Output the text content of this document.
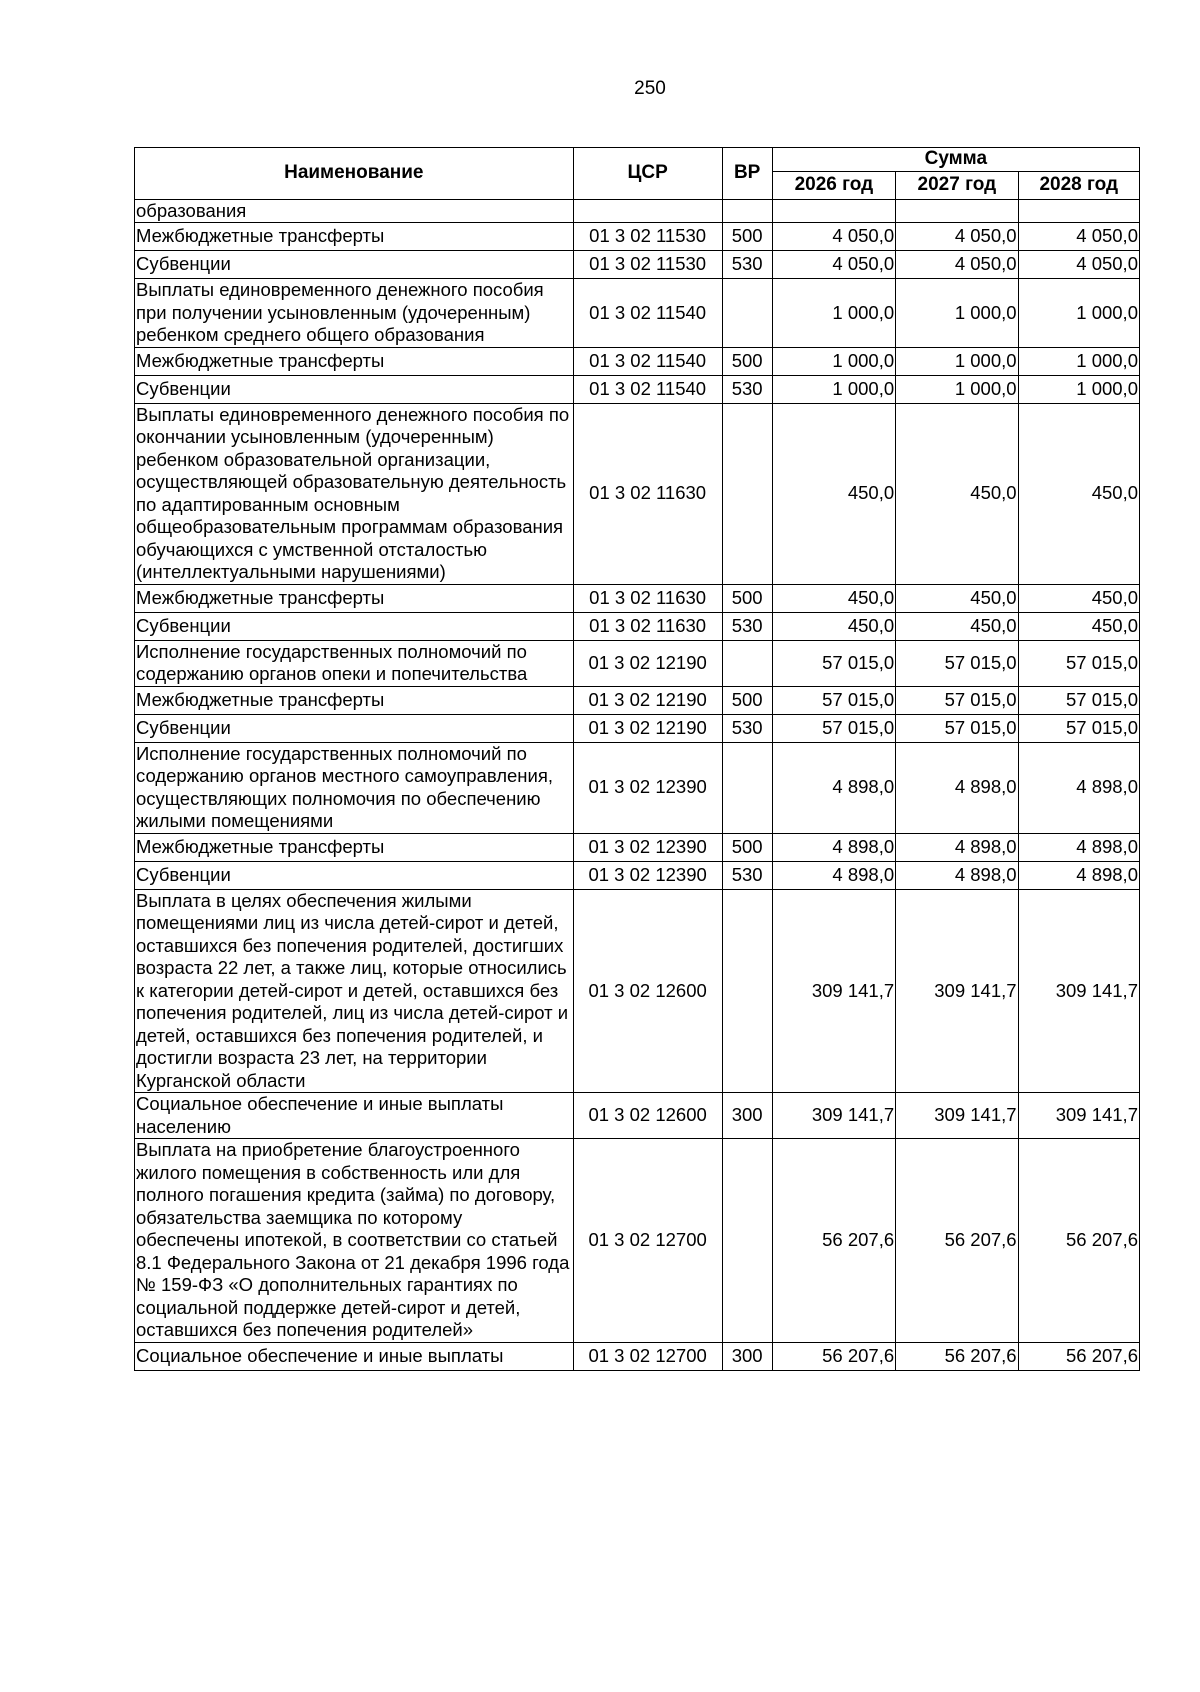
250
Наименование	ЦСР	ВР	Сумма		
			2026 год	2027 год	2028 год
образования					
Межбюджетные трансферты	01 3 02 11530	500	4 050,0	4 050,0	4 050,0
Субвенции	01 3 02 11530	530	4 050,0	4 050,0	4 050,0
Выплаты единовременного денежного пособия при получении усыновленным (удочеренным) ребенком среднего общего образования	01 3 02 11540		1 000,0	1 000,0	1 000,0
Межбюджетные трансферты	01 3 02 11540	500	1 000,0	1 000,0	1 000,0
Субвенции	01 3 02 11540	530	1 000,0	1 000,0	1 000,0
Выплаты единовременного денежного пособия по окончании усыновленным (удочеренным) ребенком образовательной организации, осуществляющей образовательную деятельность по адаптированным основным общеобразовательным программам образования обучающихся с умственной отсталостью (интеллектуальными нарушениями)	01 3 02 11630		450,0	450,0	450,0
Межбюджетные трансферты	01 3 02 11630	500	450,0	450,0	450,0
Субвенции	01 3 02 11630	530	450,0	450,0	450,0
Исполнение государственных полномочий по содержанию органов опеки и попечительства	01 3 02 12190		57 015,0	57 015,0	57 015,0
Межбюджетные трансферты	01 3 02 12190	500	57 015,0	57 015,0	57 015,0
Субвенции	01 3 02 12190	530	57 015,0	57 015,0	57 015,0
Исполнение государственных полномочий по содержанию органов местного самоуправления, осуществляющих полномочия по обеспечению жилыми помещениями	01 3 02 12390		4 898,0	4 898,0	4 898,0
Межбюджетные трансферты	01 3 02 12390	500	4 898,0	4 898,0	4 898,0
Субвенции	01 3 02 12390	530	4 898,0	4 898,0	4 898,0
Выплата в целях обеспечения жилыми помещениями лиц из числа детей-сирот и детей, оставшихся без попечения родителей, достигших возраста 22 лет, а также лиц, которые относились к категории детей-сирот и детей, оставшихся без попечения родителей, лиц из числа детей-сирот и детей, оставшихся без попечения родителей, и достигли возраста 23 лет, на территории Курганской области	01 3 02 12600		309 141,7	309 141,7	309 141,7
Социальное обеспечение и иные выплаты населению	01 3 02 12600	300	309 141,7	309 141,7	309 141,7
Выплата на приобретение благоустроенного жилого помещения в собственность или для полного погашения кредита (займа) по договору, обязательства заемщика по которому обеспечены ипотекой, в соответствии со статьей 8.1 Федерального Закона от 21 декабря 1996 года № 159-ФЗ «О дополнительных гарантиях по социальной поддержке детей-сирот и детей, оставшихся без попечения родителей»	01 3 02 12700		56 207,6	56 207,6	56 207,6
Социальное обеспечение и иные выплаты	01 3 02 12700	300	56 207,6	56 207,6	56 207,6
